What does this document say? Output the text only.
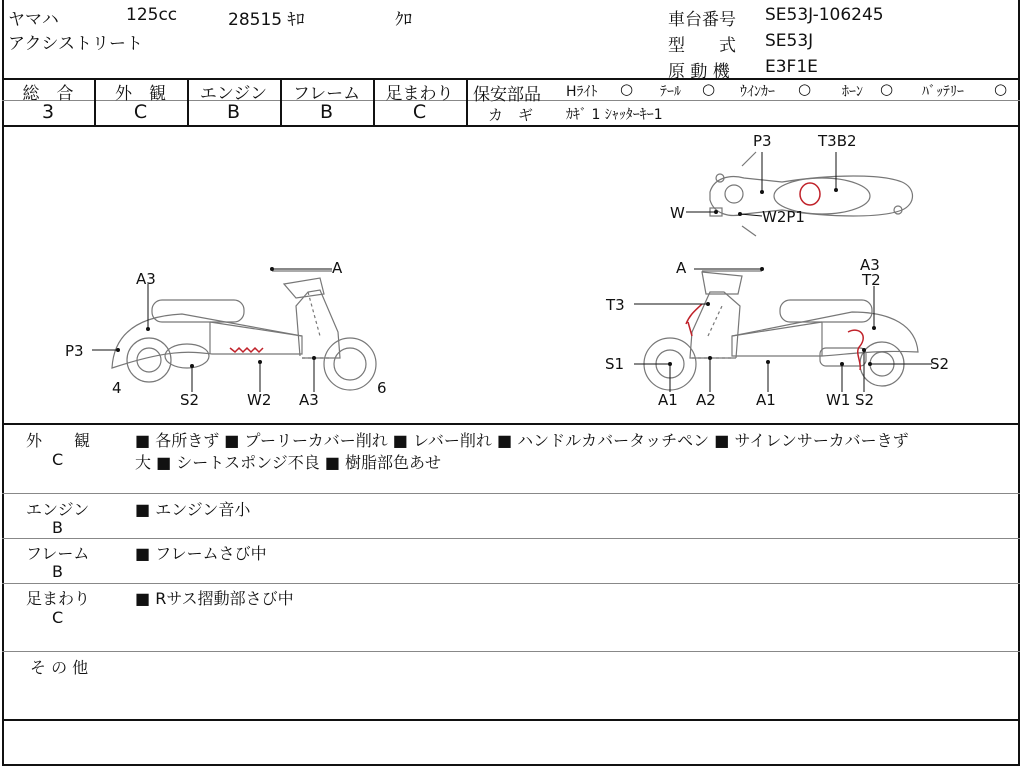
ヤマハ	125cc	28515 ｷﾛ	ｸﾛ
アクシストリート
車台番号 SE53J-106245
型　　式 SE53J
原 動 機 E3F1E
総　合	外　観	エンジン	フレーム	足まわり
3	C	B	B	C
保安部品 Hﾗｲﾄ ○ ﾃｰﾙ ○ ｳｲﾝｶｰ ○ ﾎｰﾝ ○ ﾊﾞｯﾃﾘｰ ○
カ　ギ ｶｷﾞ 1 ｼｬｯﾀｰｷｰ1
A3
A
P3
4
S2	W2 A3
6
P3	T3B2
W	W2P1
A	A3
T2
T3
S1	S2
A1 A2	A1	W1 S2
外　　観
C
■ 各所きず ■ プーリーカバー削れ ■ レバー削れ ■ ハンドルカバータッチペン ■ サイレンサーカバーきず
大 ■ シートスポンジ不良 ■ 樹脂部色あせ
エンジン
B
■ エンジン音小
フレーム
B
■ フレームさび中
足まわり
C
■ Rサス摺動部さび中
そ の 他
